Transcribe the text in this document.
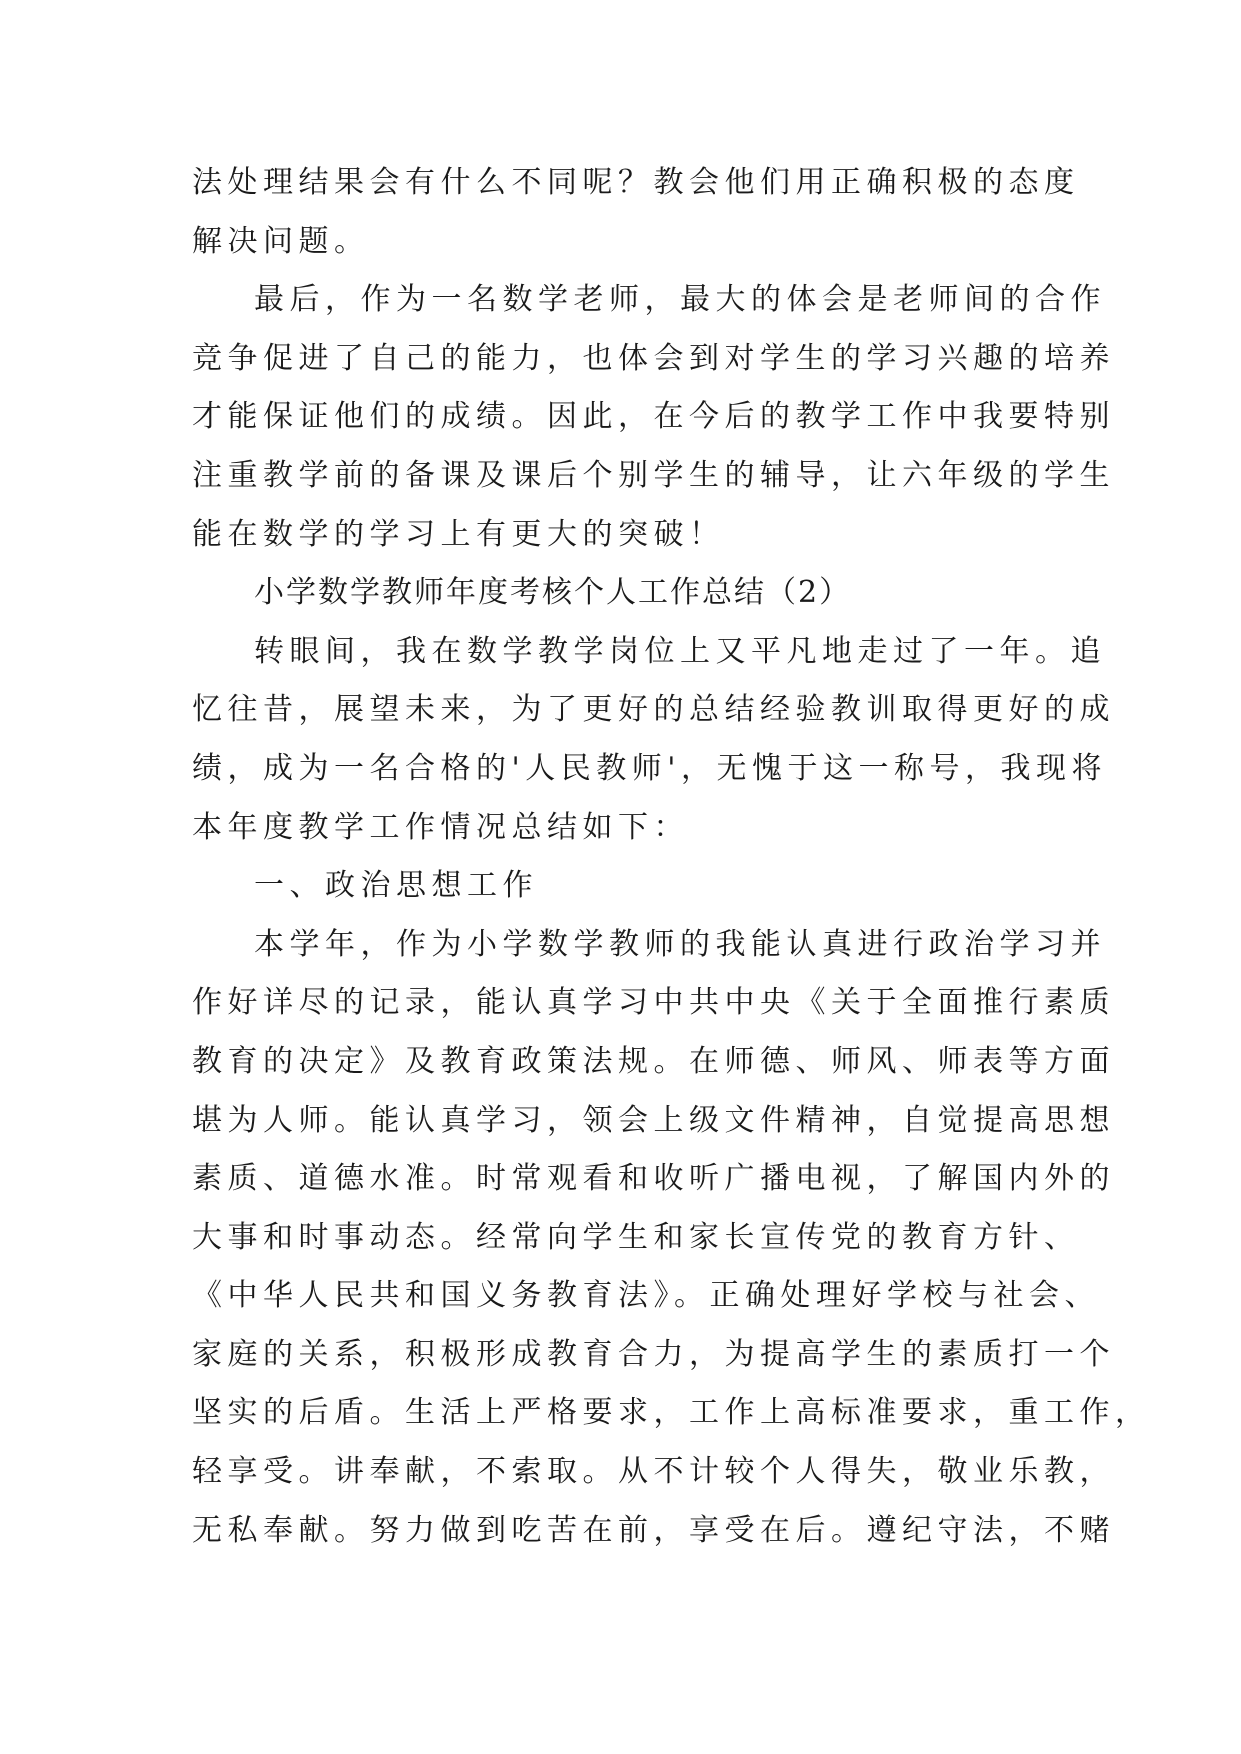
法处理结果会有什么不同呢？教会他们用正确积极的态度
解决问题。
最后，作为一名数学老师，最大的体会是老师间的合作
竞争促进了自己的能力，也体会到对学生的学习兴趣的培养
才能保证他们的成绩。因此，在今后的教学工作中我要特别
注重教学前的备课及课后个别学生的辅导，让六年级的学生
能在数学的学习上有更大的突破！
小学数学教师年度考核个人工作总结（2）
转眼间，我在数学教学岗位上又平凡地走过了一年。追
忆往昔，展望未来，为了更好的总结经验教训取得更好的成
绩，成为一名合格的'人民教师'，无愧于这一称号，我现将
本年度教学工作情况总结如下：
一、政治思想工作
本学年，作为小学数学教师的我能认真进行政治学习并
作好详尽的记录，能认真学习中共中央《关于全面推行素质
教育的决定》及教育政策法规。在师德、师风、师表等方面
堪为人师。能认真学习，领会上级文件精神，自觉提高思想
素质、道德水准。时常观看和收听广播电视，了解国内外的
大事和时事动态。经常向学生和家长宣传党的教育方针、
《中华人民共和国义务教育法》。正确处理好学校与社会、
家庭的关系，积极形成教育合力，为提高学生的素质打一个
坚实的后盾。生活上严格要求，工作上高标准要求，重工作，
轻享受。讲奉献，不索取。从不计较个人得失，敬业乐教，
无私奉献。努力做到吃苦在前，享受在后。遵纪守法，不赌
